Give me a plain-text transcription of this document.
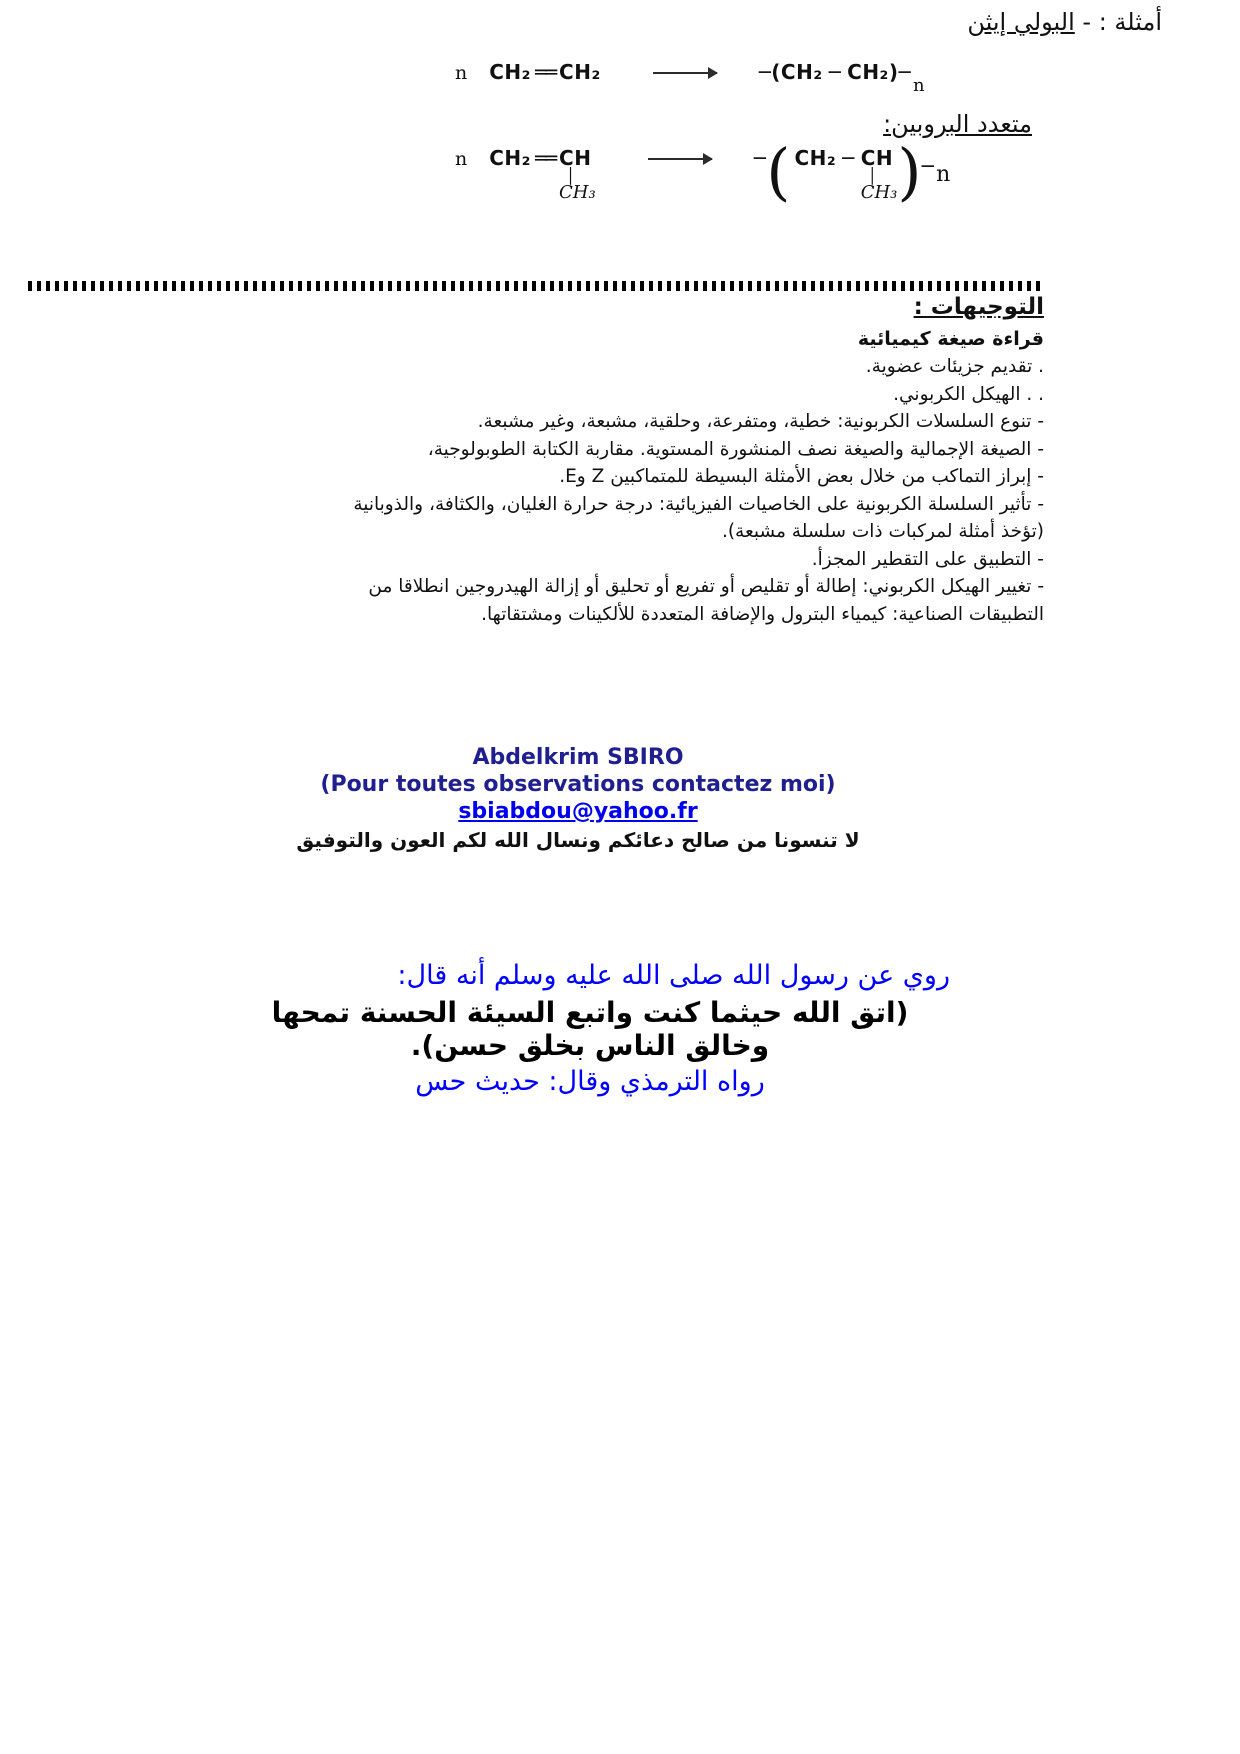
أمثلة : - البولي إيثن
n CH₂ ══ CH₂	─( CH₂ ─ CH₂ )─
n
متعدد البروبين:
n CH₂ ══ CH
│
CH₃
─ ( CH₂ ─ CH
│
CH₃ ) ─ n
التوجيهات :
قراءة صيغة كيميائية
. تقديم جزيئات عضوية.
. . الهيكل الكربوني.
- تنوع السلسلات الكربونية: خطية، ومتفرعة، وحلقية، مشبعة، وغير مشبعة.
- الصيغة الإجمالية والصيغة نصف المنشورة المستوية. مقاربة الكتابة الطوبولوجية،
- إبراز التماكب من خلال بعض الأمثلة البسيطة للمتماكبين Z وE.
- تأثير السلسلة الكربونية على الخاصيات الفيزيائية: درجة حرارة الغليان، والكثافة، والذوبانية
(تؤخذ أمثلة لمركبات ذات سلسلة مشبعة).
- التطبيق على التقطير المجزأ.
- تغيير الهيكل الكربوني: إطالة أو تقليص أو تفريع أو تحليق أو إزالة الهيدروجين انطلاقا من
التطبيقات الصناعية: كيمياء البترول والإضافة المتعددة للألكينات ومشتقاتها.
Abdelkrim SBIRO
(Pour toutes observations contactez moi)
sbiabdou@yahoo.fr
لا تنسونا من صالح دعائكم ونسال الله لكم العون والتوفيق
روي عن رسول الله صلى الله عليه وسلم أنه قال:
(اتق الله حيثما كنت واتبع السيئة الحسنة تمحها وخالق الناس بخلق حسن).
رواه الترمذي وقال: حديث حس
